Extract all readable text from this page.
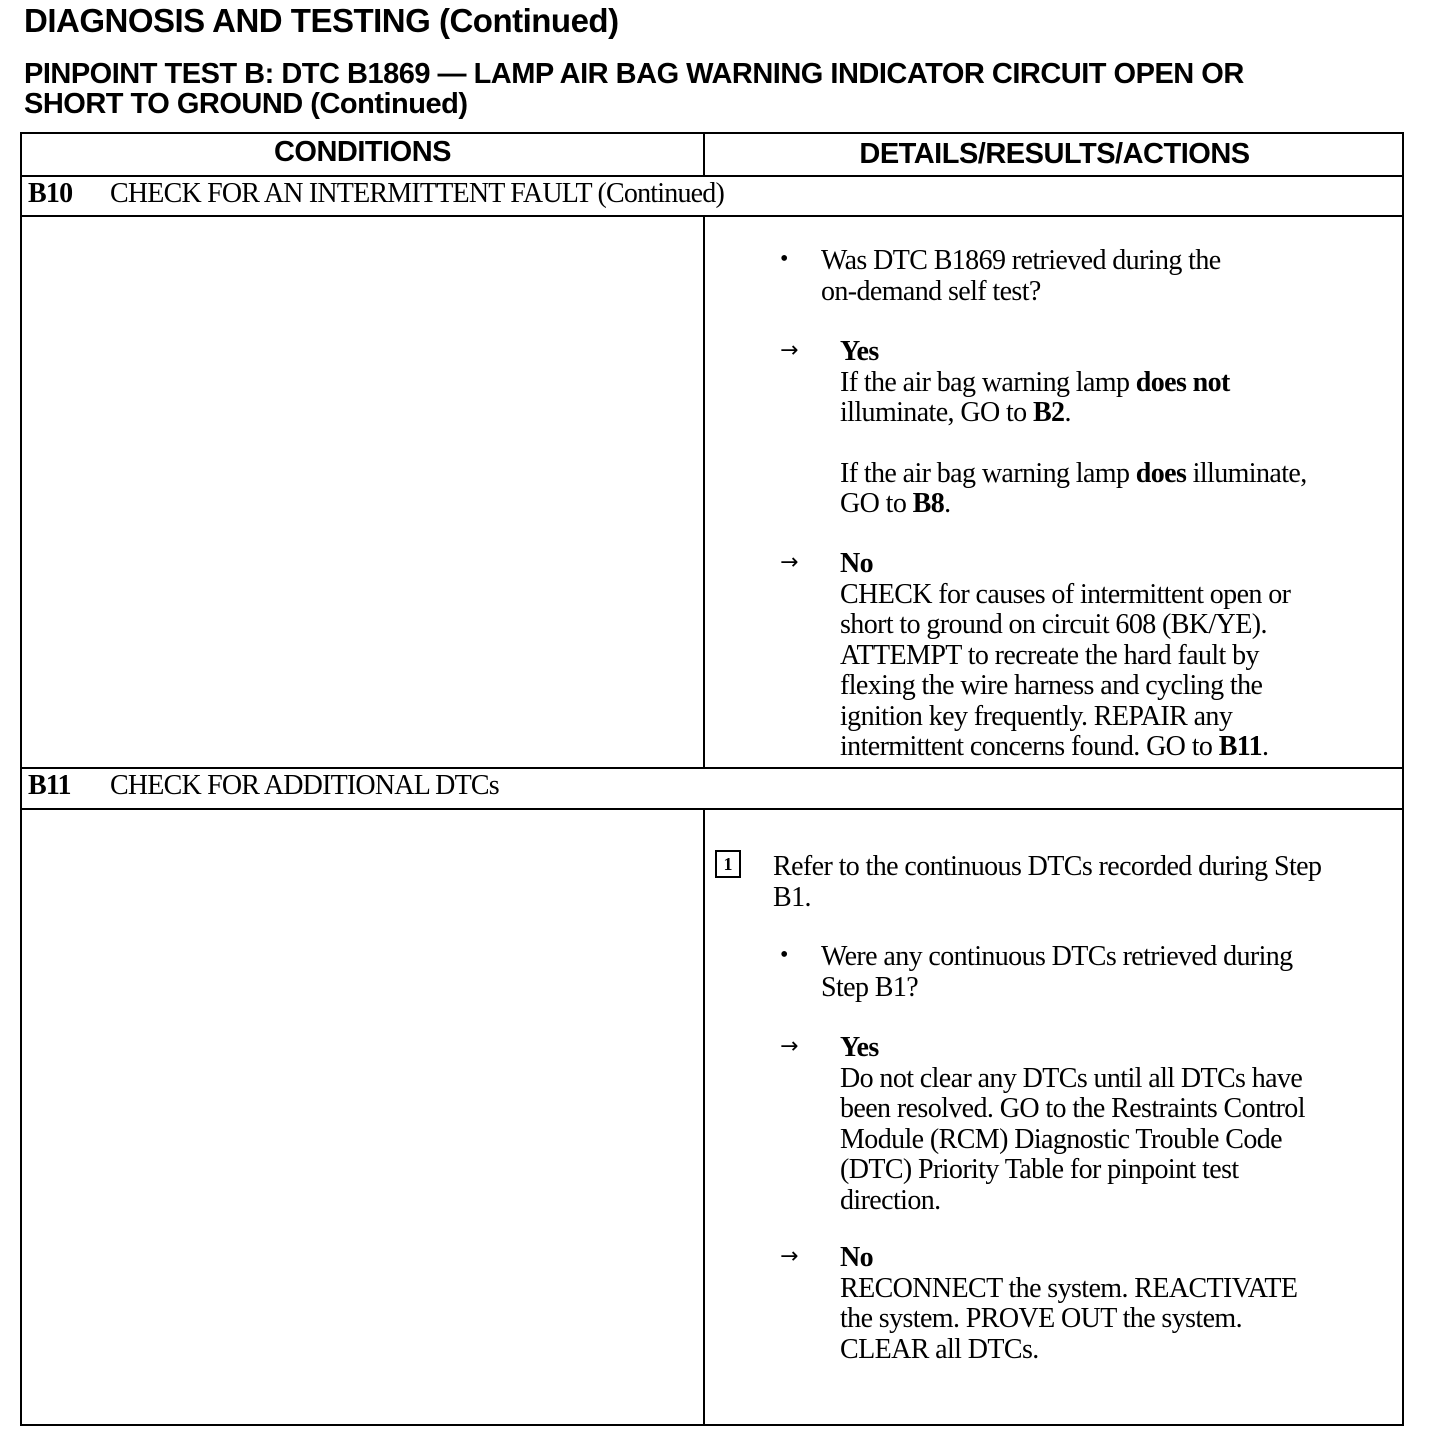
DIAGNOSIS AND TESTING (Continued)
PINPOINT TEST B: DTC B1869 — LAMP AIR BAG WARNING INDICATOR CIRCUIT OPEN OR
SHORT TO GROUND (Continued)
CONDITIONS	DETAILS/RESULTS/ACTIONS
B10 CHECK FOR AN INTERMITTENT FAULT (Continued)
• Was DTC B1869 retrieved during the
on-demand self test?
→ Yes
If the air bag warning lamp does not
illuminate, GO to B2.
If the air bag warning lamp does illuminate,
GO to B8.
→ No
CHECK for causes of intermittent open or
short to ground on circuit 608 (BK/YE).
ATTEMPT to recreate the hard fault by
flexing the wire harness and cycling the
ignition key frequently. REPAIR any
intermittent concerns found. GO to B11.
B11 CHECK FOR ADDITIONAL DTCs
1	Refer to the continuous DTCs recorded during Step
B1.
• Were any continuous DTCs retrieved during
Step B1?
→ Yes
Do not clear any DTCs until all DTCs have
been resolved. GO to the Restraints Control
Module (RCM) Diagnostic Trouble Code
(DTC) Priority Table for pinpoint test
direction.
→ No
RECONNECT the system. REACTIVATE
the system. PROVE OUT the system.
CLEAR all DTCs.
